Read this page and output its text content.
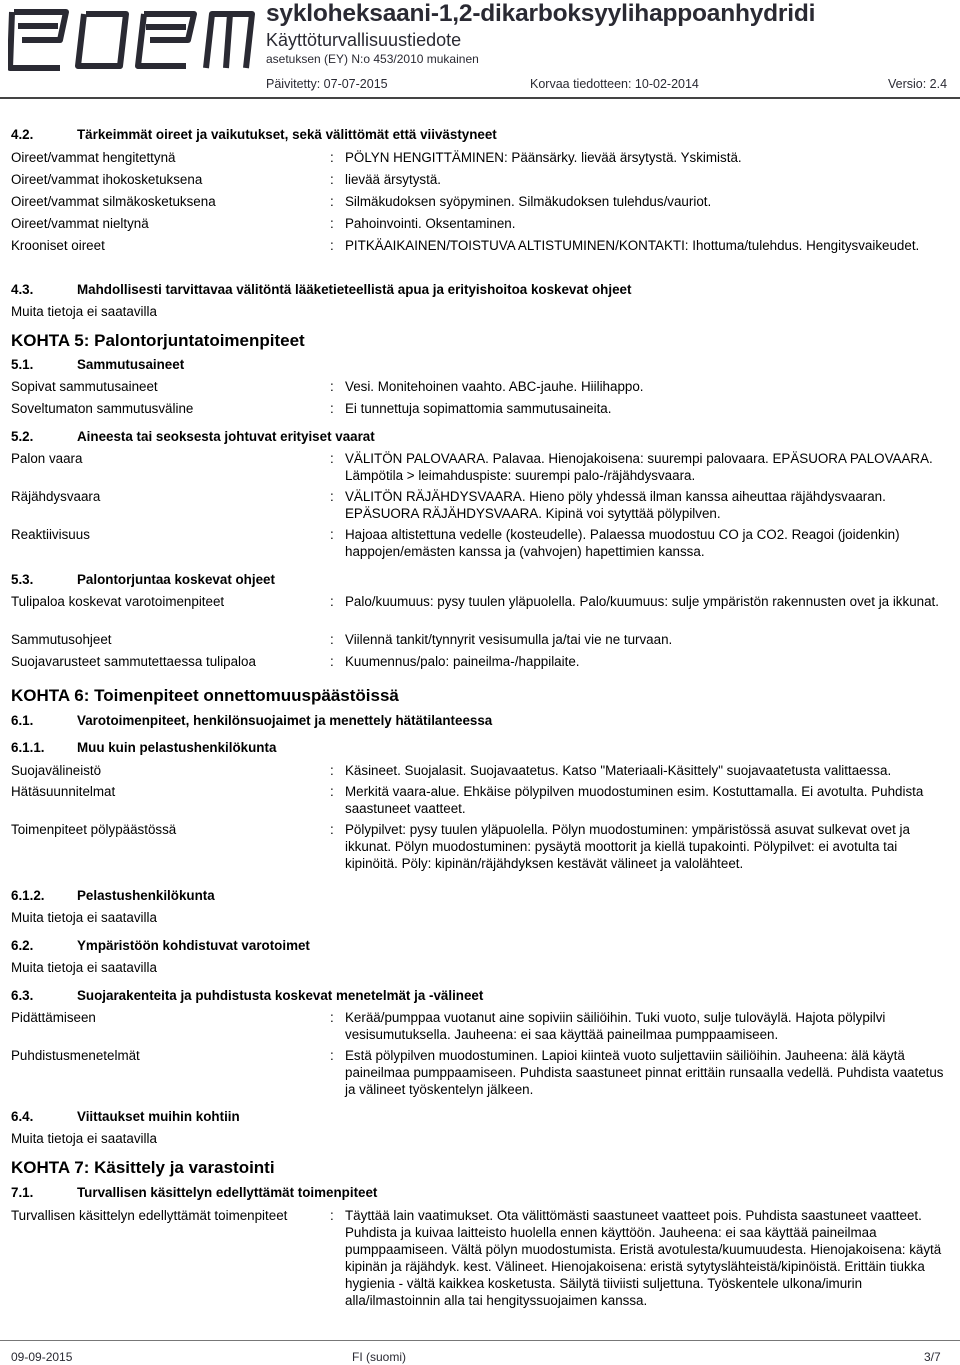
sykloheksaani-1,2-dikarboksyylihappoanhydridi
Käyttöturvallisuustiedote
asetuksen (EY) N:o 453/2010 mukainen
Päivitetty: 07-07-2015	Korvaa tiedotteen: 10-02-2014	Versio: 2.4
4.2.	Tärkeimmät oireet ja vaikutukset, sekä välittömät että viivästyneet
Oireet/vammat hengitettynä	: PÖLYN HENGITTÄMINEN: Päänsärky. lievää ärsytystä. Yskimistä.
Oireet/vammat ihokosketuksena	: lievää ärsytystä.
Oireet/vammat silmäkosketuksena	: Silmäkudoksen syöpyminen. Silmäkudoksen tulehdus/vauriot.
Oireet/vammat nieltynä	: Pahoinvointi. Oksentaminen.
Krooniset oireet	: PITKÄAIKAINEN/TOISTUVA ALTISTUMINEN/KONTAKTI: Ihottuma/tulehdus. Hengitysvaikeudet.
4.3.	Mahdollisesti tarvittavaa välitöntä lääketieteellistä apua ja erityishoitoa koskevat ohjeet
Muita tietoja ei saatavilla
KOHTA 5: Palontorjuntatoimenpiteet
5.1.	Sammutusaineet
Sopivat sammutusaineet	: Vesi. Monitehoinen vaahto. ABC-jauhe. Hiilihappo.
Soveltumaton sammutusväline	: Ei tunnettuja sopimattomia sammutusaineita.
5.2.	Aineesta tai seoksesta johtuvat erityiset vaarat
Palon vaara	: VÄLITÖN PALOVAARA. Palavaa. Hienojakoisena: suurempi palovaara. EPÄSUORA PALOVAARA. Lämpötila > leimahduspiste: suurempi palo-/räjähdysvaara.
Räjähdysvaara	: VÄLITÖN RÄJÄHDYSVAARA. Hieno pöly yhdessä ilman kanssa aiheuttaa räjähdysvaaran. EPÄSUORA RÄJÄHDYSVAARA. Kipinä voi sytyttää pölypilven.
Reaktiivisuus	: Hajoaa altistettuna vedelle (kosteudelle). Palaessa muodostuu CO ja CO2. Reagoi (joidenkin) happojen/emästen kanssa ja (vahvojen) hapettimien kanssa.
5.3.	Palontorjuntaa koskevat ohjeet
Tulipaloa koskevat varotoimenpiteet	: Palo/kuumuus: pysy tuulen yläpuolella. Palo/kuumuus: sulje ympäristön rakennusten ovet ja ikkunat.
Sammutusohjeet	: Viilennä tankit/tynnyrit vesisumulla ja/tai vie ne turvaan.
Suojavarusteet sammutettaessa tulipaloa	: Kuumennus/palo: paineilma-/happilaite.
KOHTA 6: Toimenpiteet onnettomuuspäästöissä
6.1.	Varotoimenpiteet, henkilönsuojaimet ja menettely hätätilanteessa
6.1.1. Muu kuin pelastushenkilökunta
Suojavälineistö	: Käsineet. Suojalasit. Suojavaatetus. Katso "Materiaali-Käsittely" suojavaatetusta valittaessa.
Hätäsuunnitelmat	: Merkitä vaara-alue. Ehkäise pölypilven muodostuminen esim. Kostuttamalla. Ei avotulta. Puhdista saastuneet vaatteet.
Toimenpiteet pölypäästössä	: Pölypilvet: pysy tuulen yläpuolella. Pölyn muodostuminen: ympäristössä asuvat sulkevat ovet ja ikkunat. Pölyn muodostuminen: pysäytä moottorit ja kiellä tupakointi. Pölypilvet: ei avotulta tai kipinöitä. Pöly: kipinän/räjähdyksen kestävät välineet ja valolähteet.
6.1.2. Pelastushenkilökunta
Muita tietoja ei saatavilla
6.2.	Ympäristöön kohdistuvat varotoimet
Muita tietoja ei saatavilla
6.3.	Suojarakenteita ja puhdistusta koskevat menetelmät ja -välineet
Pidättämiseen	: Kerää/pumppaa vuotanut aine sopiviin säiliöihin. Tuki vuoto, sulje tuloväylä. Hajota pölypilvi vesisumutuksella. Jauheena: ei saa käyttää paineilmaa pumppaamiseen.
Puhdistusmenetelmät	: Estä pölypilven muodostuminen. Lapioi kiinteä vuoto suljettaviin säiliöihin. Jauheena: älä käytä paineilmaa pumppaamiseen. Puhdista saastuneet pinnat erittäin runsaalla vedellä. Puhdista vaatetus ja välineet työskentelyn jälkeen.
6.4.	Viittaukset muihin kohtiin
Muita tietoja ei saatavilla
KOHTA 7: Käsittely ja varastointi
7.1.	Turvallisen käsittelyn edellyttämät toimenpiteet
Turvallisen käsittelyn edellyttämät toimenpiteet	: Täyttää lain vaatimukset. Ota välittömästi saastuneet vaatteet pois. Puhdista saastuneet vaatteet. Puhdista ja kuivaa laitteisto huolella ennen käyttöön. Jauheena: ei saa käyttää paineilmaa pumppaamiseen. Vältä pölyn muodostumista. Eristä avotulesta/kuumuudesta. Hienojakoisena: käytä kipinän ja räjähdyk. kest. Välineet. Hienojakoisena: eristä sytytyslähteistä/kipinöistä. Erittäin tiukka hygienia - vältä kaikkea kosketusta. Säilytä tiiviisti suljettuna. Työskentele ulkona/imurin alla/ilmastoinnin alla tai hengityssuojaimen kanssa.
09-09-2015	FI (suomi)	3/7
